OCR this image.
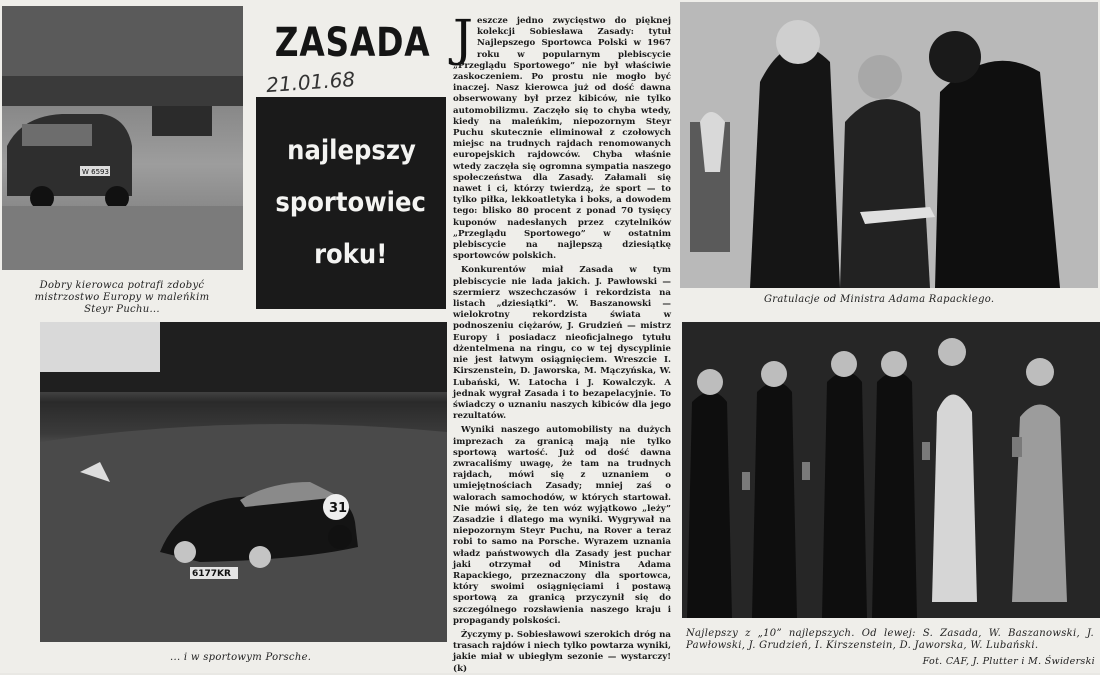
W 6593
Dobry kierowca potrafi zdobyć mistrzostwo Europy w maleńkim Steyr Puchu...
6177KR
31
... i w sportowym Porsche.
ZASADA
21.01.68
najlepszy
sportowiec
roku!

Jeszcze jedno zwycięstwo do pięknej kolekcji Sobiesława Zasady: tytuł Najlepszego Sportowca Polski w 1967 roku w popularnym plebiscycie „Przeglądu Sportowego” nie był właściwie zaskoczeniem. Po prostu nie mogło być inaczej. Nasz kierowca już od dość dawna obserwowany był przez kibiców, nie tylko automobilizmu. Zaczęło się to chyba wtedy, kiedy na maleńkim, niepozornym Steyr Puchu skutecznie eliminował z czołowych miejsc na trudnych rajdach renomowanych europejskich rajdowców. Chyba właśnie wtedy zaczęła się ogromna sympatia naszego społeczeństwa dla Zasady. Załamali się nawet i ci, którzy twierdzą, że sport — to tylko piłka, lekkoatletyka i boks, a dowodem tego: blisko 80 procent z ponad 70 tysięcy kuponów nadesłanych przez czytelników „Przeglądu Sportowego” w ostatnim plebiscycie na najlepszą dziesiątkę sportowców polskich.

Konkurentów miał Zasada w tym plebiscycie nie lada jakich. J. Pawłowski — szermierz wszechczasów i rekordzista na listach „dziesiątki”. W. Baszanowski — wielokrotny rekordzista świata w podnoszeniu ciężarów, J. Grudzień — mistrz Europy i posiadacz nieoficjalnego tytułu dżentelmena na ringu, co w tej dyscyplinie nie jest łatwym osiągnięciem. Wreszcie I. Kirszenstein, D. Jaworska, M. Mączyńska, W. Lubański, W. Latocha i J. Kowalczyk. A jednak wygrał Zasada i to bezapelacyjnie. To świadczy o uznaniu naszych kibiców dla jego rezultatów.

Wyniki naszego automobilisty na dużych imprezach za granicą mają nie tylko sportową wartość. Już od dość dawna zwracaliśmy uwagę, że tam na trudnych rajdach, mówi się z uznaniem o umiejętnościach Zasady; mniej zaś o walorach samochodów, w których startował. Nie mówi się, że ten wóz wyjątkowo „leży” Zasadzie i dlatego ma wyniki. Wygrywał na niepozornym Steyr Puchu, na Rover a teraz robi to samo na Porsche. Wyrazem uznania władz państwowych dla Zasady jest puchar jaki otrzymał od Ministra Adama Rapackiego, przeznaczony dla sportowca, który swoimi osiągnięciami i postawą sportową za granicą przyczynił się do szczególnego rozsławienia naszego kraju i propagandy polskości.

Życzymy p. Sobiesławowi szerokich dróg na trasach rajdów i niech tylko powtarza wyniki, jakie miał w ubiegłym sezonie — wystarczy! (k)

Gratulacje od Ministra Adama Rapackiego.
Najlepszy z „10” najlepszych. Od lewej: S. Zasada, W. Baszanowski, J. Pawłowski, J. Grudzień, I. Kirszenstein, D. Jaworska, W. Lubański.
Fot. CAF, J. Plutter i M. Świderski
